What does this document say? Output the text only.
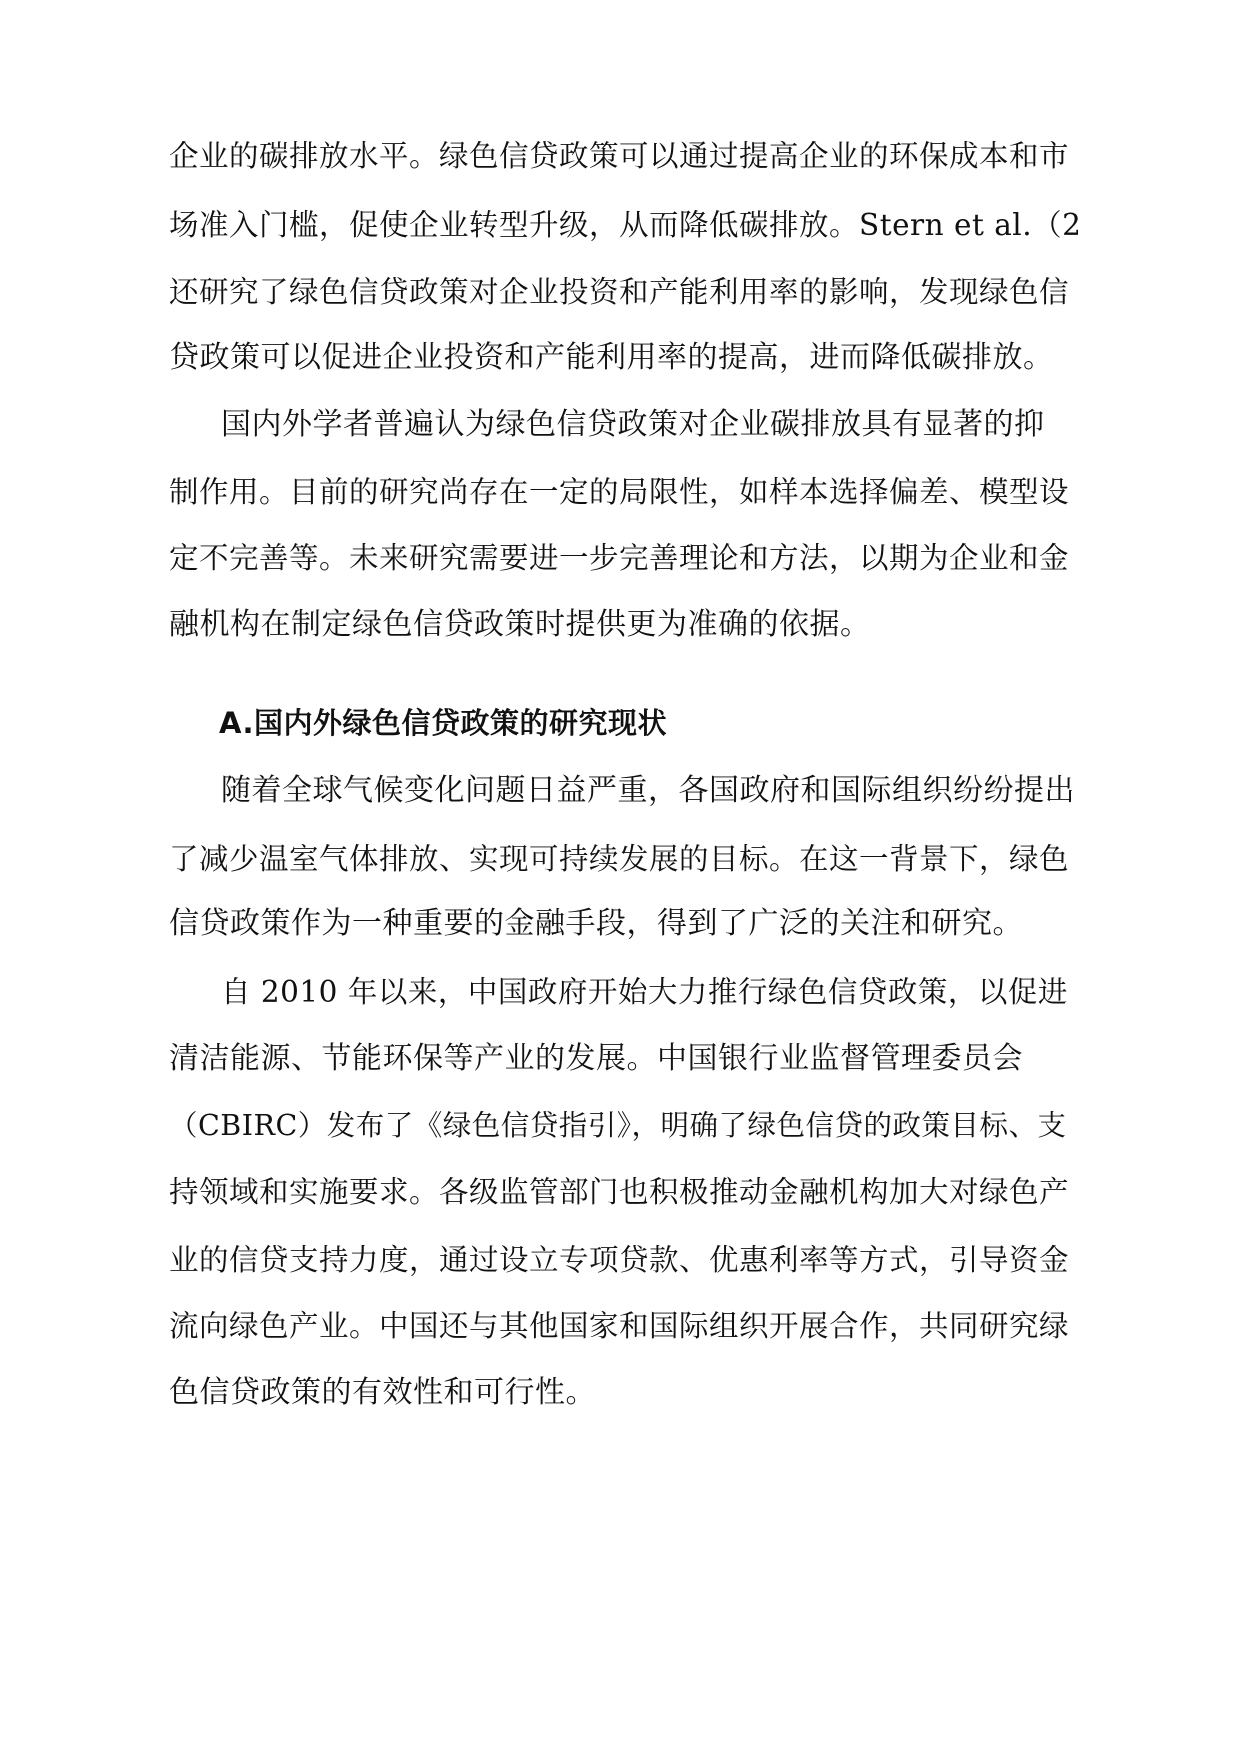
企业的碳排放水平。绿色信贷政策可以通过提高企业的环保成本和市
场准入门槛，促使企业转型升级，从而降低碳排放。Stern et al.（2
还研究了绿色信贷政策对企业投资和产能利用率的影响，发现绿色信
贷政策可以促进企业投资和产能利用率的提高，进而降低碳排放。
国内外学者普遍认为绿色信贷政策对企业碳排放具有显著的抑
制作用。目前的研究尚存在一定的局限性，如样本选择偏差、模型设
定不完善等。未来研究需要进一步完善理论和方法，以期为企业和金
融机构在制定绿色信贷政策时提供更为准确的依据。
A.国内外绿色信贷政策的研究现状
随着全球气候变化问题日益严重，各国政府和国际组织纷纷提出
了减少温室气体排放、实现可持续发展的目标。在这一背景下，绿色
信贷政策作为一种重要的金融手段，得到了广泛的关注和研究。
自 2010 年以来，中国政府开始大力推行绿色信贷政策，以促进
清洁能源、节能环保等产业的发展。中国银行业监督管理委员会
（CBIRC）发布了《绿色信贷指引》，明确了绿色信贷的政策目标、支
持领域和实施要求。各级监管部门也积极推动金融机构加大对绿色产
业的信贷支持力度，通过设立专项贷款、优惠利率等方式，引导资金
流向绿色产业。中国还与其他国家和国际组织开展合作，共同研究绿
色信贷政策的有效性和可行性。
